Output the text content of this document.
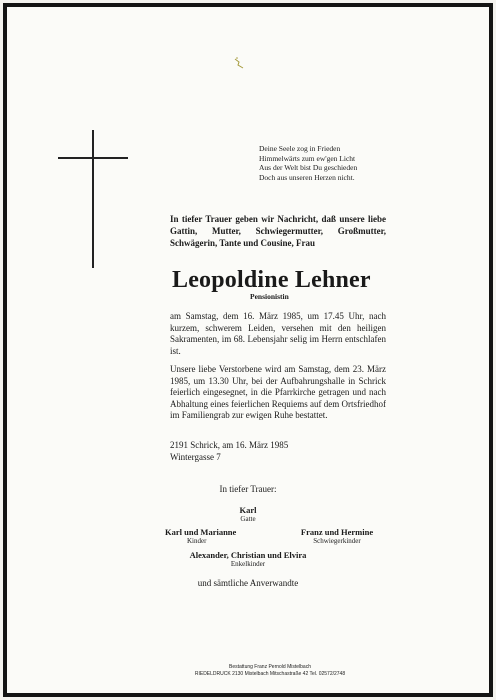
Deine Seele zog in Frieden
Himmelwärts zum ew'gen Licht
Aus der Welt bist Du geschieden
Doch aus unseren Herzen nicht.
In tiefer Trauer geben wir Nachricht, daß unsere liebe Gattin, Mutter, Schwiegermutter, Großmutter, Schwägerin, Tante und Cousine, Frau
Leopoldine Lehner
Pensionistin
am Samstag, dem 16. März 1985, um 17.45 Uhr, nach kurzem, schwerem Leiden, versehen mit den heiligen Sakramenten, im 68. Lebensjahr selig im Herrn entschlafen ist.
Unsere liebe Verstorbene wird am Samstag, dem 23. März 1985, um 13.30 Uhr, bei der Aufbahrungshalle in Schrick feierlich eingesegnet, in die Pfarrkirche getragen und nach Abhaltung eines feierlichen Requiems auf dem Ortsfriedhof im Familiengrab zur ewigen Ruhe bestattet.
2191 Schrick, am 16. März 1985
Wintergasse 7
In tiefer Trauer:
Karl
Gatte
Karl und Marianne
Kinder
Franz und Hermine
Schwiegerkinder
Alexander, Christian und Elvira
Enkelkinder
und sämtliche Anverwandte
Bestattung Franz Pernold Mistelbach
RIEDELDRUCK 2130 Mistelbach Mitschastraße 42 Tel. 02572/2748
